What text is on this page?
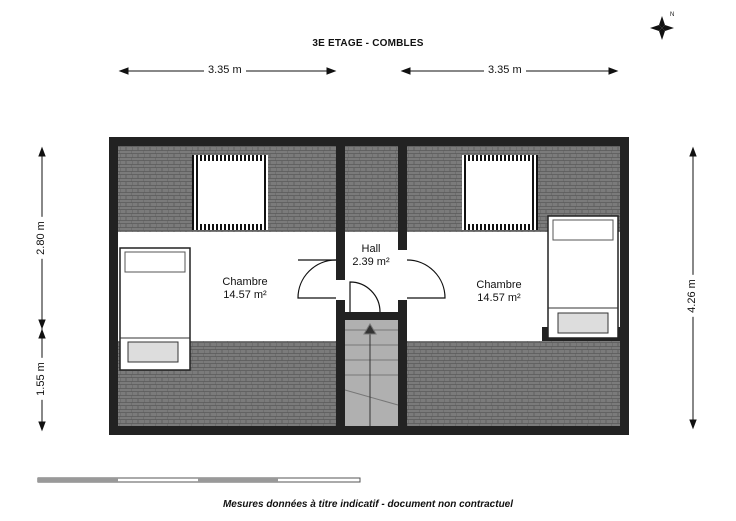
N
3E ETAGE - COMBLES
Mesures données à titre indicatif - document non contractuel
3.35 m	3.35 m
2.80 m
1.55 m
4.26 m
Chambre
14.57 m²
Hall
2.39 m²
Chambre
14.57 m²
